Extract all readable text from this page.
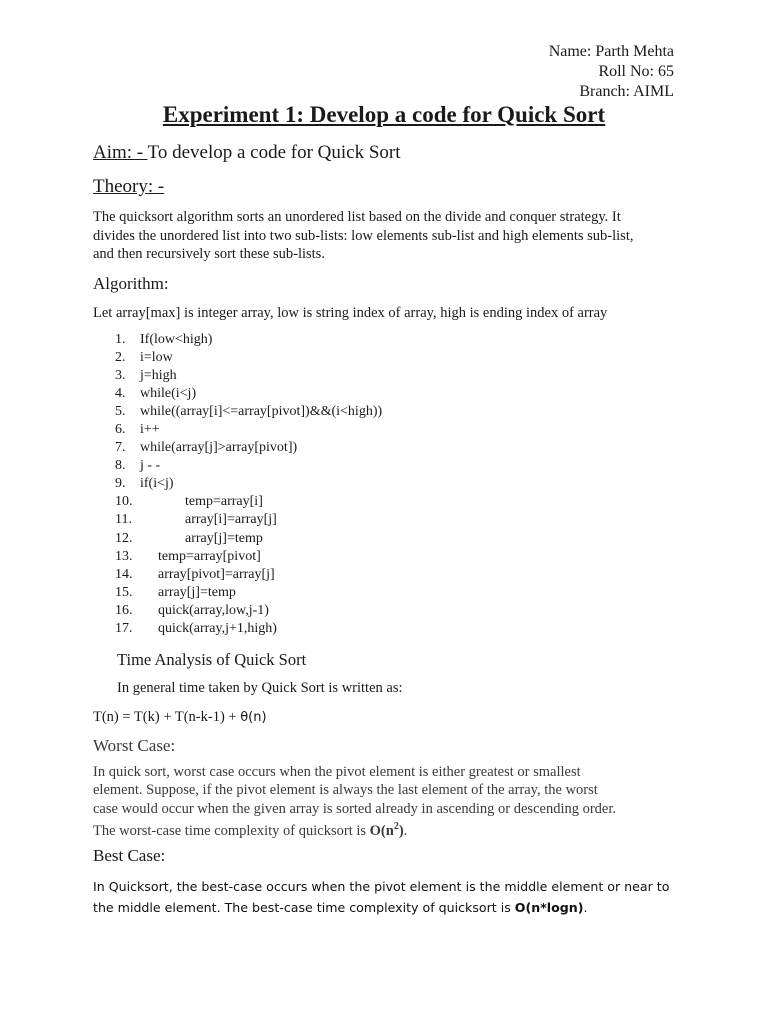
Name: Parth Mehta
Roll No: 65
Branch: AIML
Experiment 1: Develop a code for Quick Sort
Aim: - To develop a code for Quick Sort
Theory: -
The quicksort algorithm sorts an unordered list based on the divide and conquer strategy. It
divides the unordered list into two sub-lists: low elements sub-list and high elements sub-list,
and then recursively sort these sub-lists.
Algorithm:
Let array[max] is integer array, low is string index of array, high is ending index of array
1. If(low<high)
2. i=low
3. j=high
4. while(i<j)
5. while((array[i]<=array[pivot])&&(i<high))
6. i++
7. while(array[j]>array[pivot])
8. j - -
9. if(i<j)
10.	temp=array[i]
11.	array[i]=array[j]
12.	array[j]=temp
13. temp=array[pivot]
14. array[pivot]=array[j]
15. array[j]=temp
16. quick(array,low,j-1)
17. quick(array,j+1,high)
Time Analysis of Quick Sort
In general time taken by Quick Sort is written as:
T(n) = T(k) + T(n-k-1) + θ(n)
Worst Case:
In quick sort, worst case occurs when the pivot element is either greatest or smallest
element. Suppose, if the pivot element is always the last element of the array, the worst
case would occur when the given array is sorted already in ascending or descending order.
The worst-case time complexity of quicksort is $O(n^2)$.
Best Case:
In Quicksort, the best-case occurs when the pivot element is the middle element or near to
the middle element. The best-case time complexity of quicksort is O(n*logn).
